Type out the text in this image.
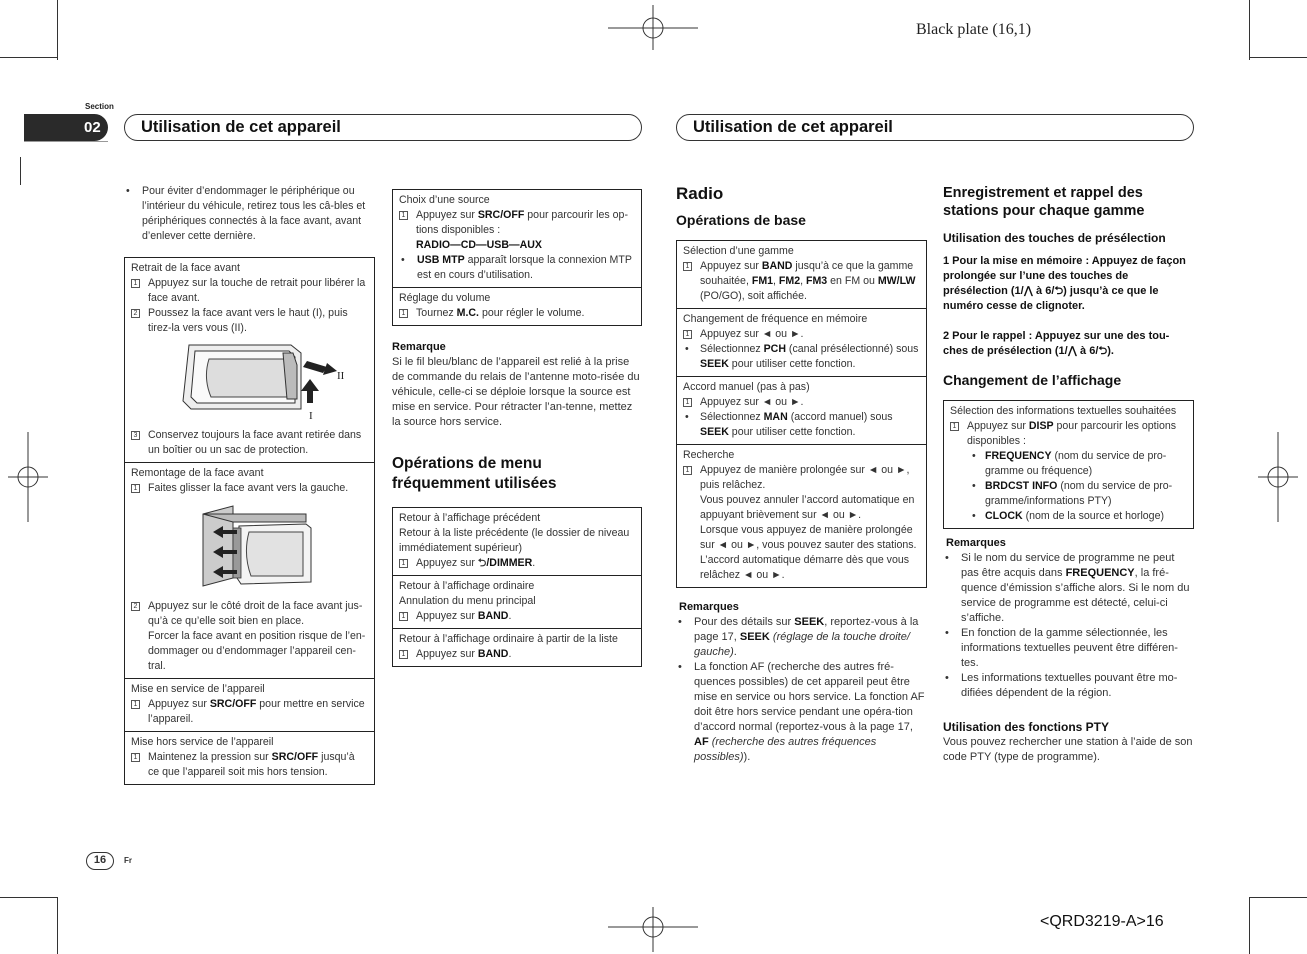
Black plate (16,1)
Section
02	Utilisation de cet appareil	Utilisation de cet appareil
• Pour éviter d’endommager le périphérique ou l’intérieur du véhicule, retirez tous les câ-bles et périphériques connectés à la face avant, avant d’enlever cette dernière.
Retrait de la face avant
1 Appuyez sur la touche de retrait pour libérer la face avant.
2 Poussez la face avant vers le haut (I), puis tirez-la vers vous (II).
II
I
3 Conservez toujours la face avant retirée dans un boîtier ou un sac de protection.
Remontage de la face avant
1 Faites glisser la face avant vers la gauche.
2 Appuyez sur le côté droit de la face avant jus-qu’à ce qu’elle soit bien en place.
Forcer la face avant en position risque de l’en-dommager ou d’endommager l’appareil cen-tral.
Mise en service de l’appareil
1 Appuyez sur SRC/OFF pour mettre en service l’appareil.
Mise hors service de l’appareil
1 Maintenez la pression sur SRC/OFF jusqu’à ce que l’appareil soit mis hors tension.
Choix d’une source
1 Appuyez sur SRC/OFF pour parcourir les op-tions disponibles :
RADIO—CD—USB—AUX
• USB MTP apparaît lorsque la connexion MTP est en cours d’utilisation.
Réglage du volume
1 Tournez M.C. pour régler le volume.
Remarque
Si le fil bleu/blanc de l’appareil est relié à la prise de commande du relais de l’antenne moto-risée du véhicule, celle-ci se déploie lorsque la source est mise en service. Pour rétracter l’an-tenne, mettez la source hors service.
Opérations de menu fréquemment utilisées
Retour à l’affichage précédent
Retour à la liste précédente (le dossier de niveau immédiatement supérieur)
1 Appuyez sur ⮌/DIMMER.
Retour à l’affichage ordinaire
Annulation du menu principal
1 Appuyez sur BAND.
Retour à l’affichage ordinaire à partir de la liste
1 Appuyez sur BAND.
Radio
Opérations de base
Sélection d’une gamme
1 Appuyez sur BAND jusqu’à ce que la gamme souhaitée, FM1, FM2, FM3 en FM ou MW/LW (PO/GO), soit affichée.
Changement de fréquence en mémoire
1 Appuyez sur ◄ ou ►.
• Sélectionnez PCH (canal présélectionné) sous SEEK pour utiliser cette fonction.
Accord manuel (pas à pas)
1 Appuyez sur ◄ ou ►.
• Sélectionnez MAN (accord manuel) sous SEEK pour utiliser cette fonction.
Recherche
1 Appuyez de manière prolongée sur ◄ ou ►, puis relâchez.
Vous pouvez annuler l’accord automatique en appuyant brièvement sur ◄ ou ►.
Lorsque vous appuyez de manière prolongée sur ◄ ou ►, vous pouvez sauter des stations. L’accord automatique démarre dès que vous relâchez ◄ ou ►.
Remarques
• Pour des détails sur SEEK, reportez-vous à la page 17, SEEK (réglage de la touche droite/ gauche).
• La fonction AF (recherche des autres fré-quences possibles) de cet appareil peut être mise en service ou hors service. La fonction AF doit être hors service pendant une opéra-tion d’accord normal (reportez-vous à la page 17, AF (recherche des autres fréquences possibles)).
Enregistrement et rappel des stations pour chaque gamme
Utilisation des touches de présélection
1 Pour la mise en mémoire : Appuyez de façon prolongée sur l’une des touches de présélection (1/⋀ à 6/⮌) jusqu’à ce que le numéro cesse de clignoter.
2 Pour le rappel : Appuyez sur une des tou-ches de présélection (1/⋀ à 6/⮌).
Changement de l’affichage
Sélection des informations textuelles souhaitées
1 Appuyez sur DISP pour parcourir les options disponibles :
• FREQUENCY (nom du service de pro-gramme ou fréquence)
• BRDCST INFO (nom du service de pro-gramme/informations PTY)
• CLOCK (nom de la source et horloge)
Remarques
• Si le nom du service de programme ne peut pas être acquis dans FREQUENCY, la fré-quence d’émission s’affiche alors. Si le nom du service de programme est détecté, celui-ci s’affiche.
• En fonction de la gamme sélectionnée, les informations textuelles peuvent être différen-tes.
• Les informations textuelles pouvant être mo-difiées dépendent de la région.
Utilisation des fonctions PTY
Vous pouvez rechercher une station à l’aide de son code PTY (type de programme).
16	Fr
<QRD3219-A>16
